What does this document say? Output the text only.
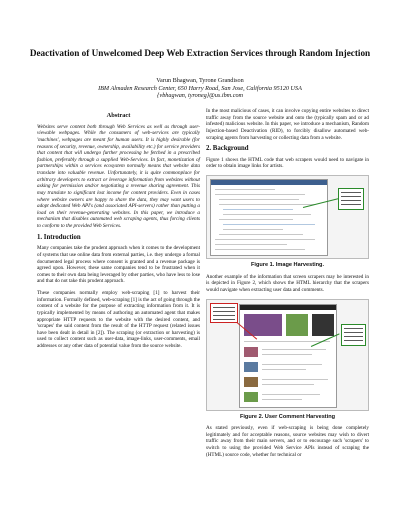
Deactivation of Unwelcomed Deep Web Extraction Services through Random Injection
Varun Bhagwan, Tyrone Grandison
IBM Almaden Research Center, 650 Harry Road, San Jose, California 95120 USA
{vbhagwan, tyroneg}@us.ibm.com
Abstract

Websites serve content both through Web Services as well as through user-viewable webpages. While the consumers of web-services are typically 'machines', webpages are meant for human users. It is highly desirable (for reasons of security, revenue, ownership, availability etc.) for service providers that content that will undergo further processing be fetched in a prescribed fashion, preferably through a supplied Web-Services. In fact, monetization of partnerships within a services ecosystem normally means that website data translate into valuable revenue. Unfortunately, it is quite commonplace for arbitrary developers to extract or leverage information from websites without asking for permission and/or negotiating a revenue sharing agreement. This may translate to significant lost income for content providers. Even in cases where website owners are happy to share the data, they may want users to adopt dedicated Web API's (and associated API-servers) rather than putting a load on their revenue-generating websites. In this paper, we introduce a mechanism that disables automated web scraping agents, thus forcing clients to conform to the provided Web Services.

1. Introduction

Many companies take the prudent approach when it comes to the development of systems that use online data from external parties, i.e. they undergo a formal documented legal process where consent is granted and a revenue package is agreed upon. However, these same companies tend to be frustrated when it comes to their own data being leveraged by other parties, who have less to lose and that do not take this prudent approach.

These companies normally employ web-scraping [1] to harvest their information. Formally defined, web-scraping [1] is the act of going through the content of a website for the purpose of extracting information from it. It is typically implemented by means of authoring an automated agent that makes appropriate HTTP requests to the website with the desired content, and 'scrapes' the said content from the result of the HTTP request (related issues have been dealt in detail in [2]). The scraping (or extraction or harvesting) is used to collect content such as user-data, image-links, user-comments, email addresses or any other data of potential value from the source website.

In the most malicious of cases, it can involve copying entire websites to direct traffic away from the source website and onto the (typically spam and or ad infested) malicious website. In this paper, we introduce a mechanism, Random Injection-based Deactivation (RID), to forcibly disallow automated web-scraping agents from harvesting or collecting data from a website.

2. Background

Figure 1 shows the HTML code that web scrapers would need to navigate in order to obtain image links for artists.

Figure 1. Image Harvesting.

Another example of the information that screen scrapers may be interested in is depicted in Figure 2, which shows the HTML hierarchy that the scrapers would navigate when extracting user data and comments.

Figure 2. User Comment Harvesting

As stated previously, even if web-scraping is being done completely legitimately and for acceptable reasons, source websites may wish to divert traffic away from their main servers, and or to encourage such 'scrapers' to switch to using the provided Web Service APIs instead of scraping the (HTML) source code, whether for technical or
